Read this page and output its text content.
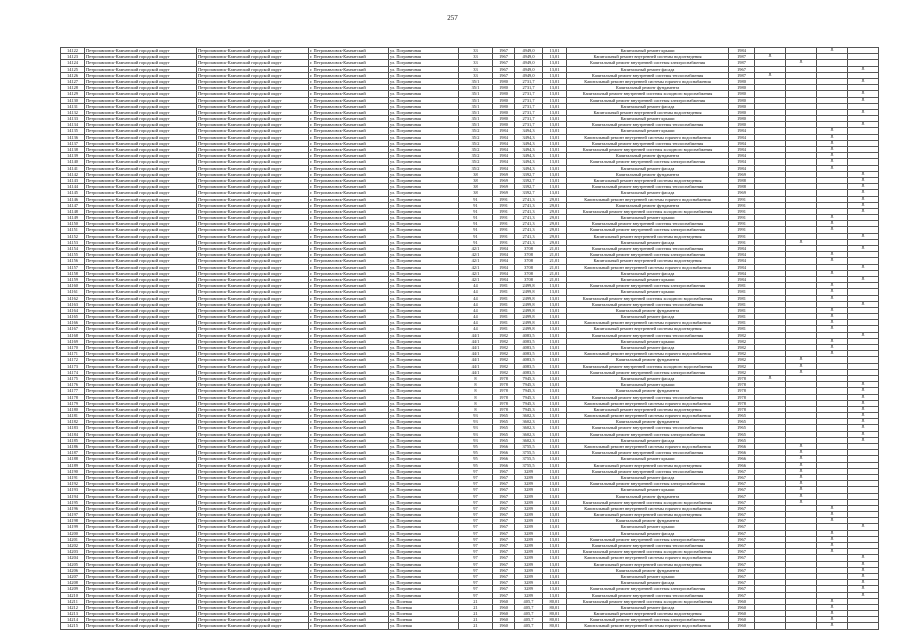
257
14122	Петропавловск-Камчатский городской округ	Петропавловск-Камчатский городской округ	г. Петропавловск-Камчатский	ул. Пограничная	33	1967	4949,0	13,01	Капитальный ремонт крыши	1984			X	
14123	Петропавловск-Камчатский городской округ	Петропавловск-Камчатский городской округ	г. Петропавловск-Камчатский	ул. Пограничная	33	1967	4949,0	13,01	Капитальный ремонт внутренней системы водоотведения	1987	X			
14124	Петропавловск-Камчатский городской округ	Петропавловск-Камчатский городской округ	г. Петропавловск-Камчатский	ул. Пограничная	33	1967	4949,0	13,01	Капитальный ремонт внутренней системы электроснабжения	1987		X		
14125	Петропавловск-Камчатский городской округ	Петропавловск-Камчатский городской округ	г. Петропавловск-Камчатский	ул. Пограничная	33	1967	4949,0	13,01	Капитальный ремонт фасада	1967				X
14126	Петропавловск-Камчатский городской округ	Петропавловск-Камчатский городской округ	г. Петропавловск-Камчатский	ул. Пограничная	33	1967	4949,0	13,01	Капитальный ремонт внутренней системы теплоснабжения	1987	X			
14127	Петропавловск-Камчатский городской округ	Петропавловск-Камчатский городской округ	г. Петропавловск-Камчатский	ул. Пограничная	35/1	1980	2731,7	13,01	Капитальный ремонт внутренней системы горячего водоснабжения	1980				X
14128	Петропавловск-Камчатский городской округ	Петропавловск-Камчатский городской округ	г. Петропавловск-Камчатский	ул. Пограничная	35/1	1980	2731,7	13,01	Капитальный ремонт фундамента	1980				
14129	Петропавловск-Камчатский городской округ	Петропавловск-Камчатский городской округ	г. Петропавловск-Камчатский	ул. Пограничная	35/1	1980	2731,7	13,01	Капитальный ремонт внутренней системы холодного водоснабжения	1980				X
14130	Петропавловск-Камчатский городской округ	Петропавловск-Камчатский городской округ	г. Петропавловск-Камчатский	ул. Пограничная	35/1	1980	2731,7	13,01	Капитальный ремонт внутренней системы электроснабжения	1980				X
14131	Петропавловск-Камчатский городской округ	Петропавловск-Камчатский городской округ	г. Петропавловск-Камчатский	ул. Пограничная	35/1	1980	2731,7	13,01	Капитальный ремонт фасада	1980				
14132	Петропавловск-Камчатский городской округ	Петропавловск-Камчатский городской округ	г. Петропавловск-Камчатский	ул. Пограничная	35/1	1980	2731,7	13,01	Капитальный ремонт внутренней системы водоотведения	1980				X
14133	Петропавловск-Камчатский городской округ	Петропавловск-Камчатский городской округ	г. Петропавловск-Камчатский	ул. Пограничная	35/1	1980	2731,7	13,01	Капитальный ремонт крыши	1980				
14134	Петропавловск-Камчатский городской округ	Петропавловск-Камчатский городской округ	г. Петропавловск-Камчатский	ул. Пограничная	35/1	1980	2731,7	13,01	Капитальный ремонт внутренней системы теплоснабжения	1980				X
14135	Петропавловск-Камчатский городской округ	Петропавловск-Камчатский городской округ	г. Петропавловск-Камчатский	ул. Пограничная	35/2	1984	3494,3	13,01	Капитальный ремонт крыши	1984			X	
14136	Петропавловск-Камчатский городской округ	Петропавловск-Камчатский городской округ	г. Петропавловск-Камчатский	ул. Пограничная	35/2	1984	3494,3	13,01	Капитальный ремонт внутренней системы горячего водоснабжения	1984			X	
14137	Петропавловск-Камчатский городской округ	Петропавловск-Камчатский городской округ	г. Петропавловск-Камчатский	ул. Пограничная	35/2	1984	3494,3	13,01	Капитальный ремонт внутренней системы теплоснабжения	1984			X	
14138	Петропавловск-Камчатский городской округ	Петропавловск-Камчатский городской округ	г. Петропавловск-Камчатский	ул. Пограничная	35/2	1984	3494,3	13,01	Капитальный ремонт внутренней системы холодного водоснабжения	1984			X	
14139	Петропавловск-Камчатский городской округ	Петропавловск-Камчатский городской округ	г. Петропавловск-Камчатский	ул. Пограничная	35/2	1984	3494,3	13,01	Капитальный ремонт фундамента	1984			X	
14140	Петропавловск-Камчатский городской округ	Петропавловск-Камчатский городской округ	г. Петропавловск-Камчатский	ул. Пограничная	35/2	1984	3494,3	13,01	Капитальный ремонт внутренней системы электроснабжения	1984			X	
14141	Петропавловск-Камчатский городской округ	Петропавловск-Камчатский городской округ	г. Петропавловск-Камчатский	ул. Пограничная	35/2	1984	3494,3	13,01	Капитальный ремонт фасада	1984			X	
14142	Петропавловск-Камчатский городской округ	Петропавловск-Камчатский городской округ	г. Петропавловск-Камчатский	ул. Пограничная	38	1969	3392,7	13,01	Капитальный ремонт фундамента	1969				X
14143	Петропавловск-Камчатский городской округ	Петропавловск-Камчатский городской округ	г. Петропавловск-Камчатский	ул. Пограничная	38	1969	3392,7	13,01	Капитальный ремонт внутренней системы водоотведения	1988				X
14144	Петропавловск-Камчатский городской округ	Петропавловск-Камчатский городской округ	г. Петропавловск-Камчатский	ул. Пограничная	38	1969	3392,7	13,01	Капитальный ремонт внутренней системы теплоснабжения	1988				X
14145	Петропавловск-Камчатский городской округ	Петропавловск-Камчатский городской округ	г. Петропавловск-Камчатский	ул. Пограничная	38	1969	3392,7	13,01	Капитальный ремонт фасада	1969				X
14146	Петропавловск-Камчатский городской округ	Петропавловск-Камчатский городской округ	г. Петропавловск-Камчатский	ул. Пограничная	91	1991	2741,3	29,01	Капитальный ремонт внутренней системы горячего водоснабжения	1991				X
14147	Петропавловск-Камчатский городской округ	Петропавловск-Камчатский городской округ	г. Петропавловск-Камчатский	ул. Пограничная	91	1991	2741,3	29,01	Капитальный ремонт фундамента	1991				X
14148	Петропавловск-Камчатский городской округ	Петропавловск-Камчатский городской округ	г. Петропавловск-Камчатский	ул. Пограничная	91	1991	2741,3	29,01	Капитальный ремонт внутренней системы холодного водоснабжения	1991				X
14149	Петропавловск-Камчатский городской округ	Петропавловск-Камчатский городской округ	г. Петропавловск-Камчатский	ул. Пограничная	91	1991	2741,3	29,01	Капитальный ремонт крыши	1991			X	
14150	Петропавловск-Камчатский городской округ	Петропавловск-Камчатский городской округ	г. Петропавловск-Камчатский	ул. Пограничная	91	1991	2741,3	29,01	Капитальный ремонт внутренней системы теплоснабжения	1991			X	
14151	Петропавловск-Камчатский городской округ	Петропавловск-Камчатский городской округ	г. Петропавловск-Камчатский	ул. Пограничная	91	1991	2741,3	29,01	Капитальный ремонт внутренней системы электроснабжения	1991			X	
14152	Петропавловск-Камчатский городской округ	Петропавловск-Камчатский городской округ	г. Петропавловск-Камчатский	ул. Пограничная	91	1991	2741,3	29,01	Капитальный ремонт внутренней системы водоотведения	1991				X
14153	Петропавловск-Камчатский городской округ	Петропавловск-Камчатский городской округ	г. Петропавловск-Камчатский	ул. Пограничная	91	1991	2741,3	29,01	Капитальный ремонт фасада	1991		X		
14154	Петропавловск-Камчатский городской округ	Петропавловск-Камчатский городской округ	г. Петропавловск-Камчатский	ул. Пограничная	42/1	1984	3708	21,01	Капитальный ремонт внутренней системы теплоснабжения	1984				X
14155	Петропавловск-Камчатский городской округ	Петропавловск-Камчатский городской округ	г. Петропавловск-Камчатский	ул. Пограничная	42/1	1984	3708	21,01	Капитальный ремонт внутренней системы электроснабжения	1984			X	
14156	Петропавловск-Камчатский городской округ	Петропавловск-Камчатский городской округ	г. Петропавловск-Камчатский	ул. Пограничная	42/1	1984	3708	21,01	Капитальный ремонт внутренней системы водоотведения	1984			X	
14157	Петропавловск-Камчатский городской округ	Петропавловск-Камчатский городской округ	г. Петропавловск-Камчатский	ул. Пограничная	42/1	1984	3708	21,01	Капитальный ремонт внутренней системы горячего водоснабжения	1984				X
14158	Петропавловск-Камчатский городской округ	Петропавловск-Камчатский городской округ	г. Петропавловск-Камчатский	ул. Пограничная	42/1	1984	3708	21,01	Капитальный ремонт фасада	1984			X	
14159	Петропавловск-Камчатский городской округ	Петропавловск-Камчатский городской округ	г. Петропавловск-Камчатский	ул. Пограничная	42/1	1984	3708	21,01	Капитальный ремонт крыши	1984				X
14160	Петропавловск-Камчатский городской округ	Петропавловск-Камчатский городской округ	г. Петропавловск-Камчатский	ул. Пограничная	44	1981	2499,8	13,01	Капитальный ремонт внутренней системы электроснабжения	1981			X	
14161	Петропавловск-Камчатский городской округ	Петропавловск-Камчатский городской округ	г. Петропавловск-Камчатский	ул. Пограничная	44	1981	2499,8	13,01	Капитальный ремонт крыши	1981			X	
14162	Петропавловск-Камчатский городской округ	Петропавловск-Камчатский городской округ	г. Петропавловск-Камчатский	ул. Пограничная	44	1981	2499,8	13,01	Капитальный ремонт внутренней системы холодного водоснабжения	1981			X	
14163	Петропавловск-Камчатский городской округ	Петропавловск-Камчатский городской округ	г. Петропавловск-Камчатский	ул. Пограничная	44	1981	2499,8	13,01	Капитальный ремонт внутренней системы теплоснабжения	1981				X
14164	Петропавловск-Камчатский городской округ	Петропавловск-Камчатский городской округ	г. Петропавловск-Камчатский	ул. Пограничная	44	1981	2499,8	13,01	Капитальный ремонт фундамента	1981			X	
14165	Петропавловск-Камчатский городской округ	Петропавловск-Камчатский городской округ	г. Петропавловск-Камчатский	ул. Пограничная	44	1981	2499,8	13,01	Капитальный ремонт фасада	1981			X	
14166	Петропавловск-Камчатский городской округ	Петропавловск-Камчатский городской округ	г. Петропавловск-Камчатский	ул. Пограничная	44	1981	2499,8	13,01	Капитальный ремонт внутренней системы горячего водоснабжения	1981			X	
14167	Петропавловск-Камчатский городской округ	Петропавловск-Камчатский городской округ	г. Петропавловск-Камчатский	ул. Пограничная	44	1981	2499,8	13,01	Капитальный ремонт внутренней системы водоотведения	1981			X	
14168	Петропавловск-Камчатский городской округ	Петропавловск-Камчатский городской округ	г. Петропавловск-Камчатский	ул. Пограничная	44/1	1982	4083,5	13,01	Капитальный ремонт внутренней системы теплоснабжения	1982				X
14169	Петропавловск-Камчатский городской округ	Петропавловск-Камчатский городской округ	г. Петропавловск-Камчатский	ул. Пограничная	44/1	1982	4083,5	13,01	Капитальный ремонт крыши	1982			X	
14170	Петропавловск-Камчатский городской округ	Петропавловск-Камчатский городской округ	г. Петропавловск-Камчатский	ул. Пограничная	44/1	1982	4083,5	13,01	Капитальный ремонт фасада	1982			X	
14171	Петропавловск-Камчатский городской округ	Петропавловск-Камчатский городской округ	г. Петропавловск-Камчатский	ул. Пограничная	44/1	1982	4083,5	13,01	Капитальный ремонт внутренней системы горячего водоснабжения	1982			X	
14172	Петропавловск-Камчатский городской округ	Петропавловск-Камчатский городской округ	г. Петропавловск-Камчатский	ул. Пограничная	44/1	1982	4083,5	13,01	Капитальный ремонт фундамента	1982		X		
14173	Петропавловск-Камчатский городской округ	Петропавловск-Камчатский городской округ	г. Петропавловск-Камчатский	ул. Пограничная	44/1	1982	4083,5	13,01	Капитальный ремонт внутренней системы холодного водоснабжения	1982		X		
14174	Петропавловск-Камчатский городской округ	Петропавловск-Камчатский городской округ	г. Петропавловск-Камчатский	ул. Пограничная	44/1	1982	4083,5	13,01	Капитальный ремонт внутренней системы электроснабжения	1982		X		
14175	Петропавловск-Камчатский городской округ	Петропавловск-Камчатский городской округ	г. Петропавловск-Камчатский	ул. Пограничная	8	1978	7945,3	13,01	Капитальный ремонт фасада	1978	X			
14176	Петропавловск-Камчатский городской округ	Петропавловск-Камчатский городской округ	г. Петропавловск-Камчатский	ул. Пограничная	8	1978	7945,3	13,01	Капитальный ремонт крыши	1978				X
14177	Петропавловск-Камчатский городской округ	Петропавловск-Камчатский городской округ	г. Петропавловск-Камчатский	ул. Пограничная	8	1978	7945,3	13,01	Капитальный ремонт фундамента	1978				X
14178	Петропавловск-Камчатский городской округ	Петропавловск-Камчатский городской округ	г. Петропавловск-Камчатский	ул. Пограничная	8	1978	7945,3	13,01	Капитальный ремонт внутренней системы теплоснабжения	1978				X
14179	Петропавловск-Камчатский городской округ	Петропавловск-Камчатский городской округ	г. Петропавловск-Камчатский	ул. Пограничная	8	1978	7945,3	13,01	Капитальный ремонт внутренней системы горячего водоснабжения	1978				X
14180	Петропавловск-Камчатский городской округ	Петропавловск-Камчатский городской округ	г. Петропавловск-Камчатский	ул. Пограничная	8	1978	7945,3	13,01	Капитальный ремонт внутренней системы водоотведения	1978				X
14181	Петропавловск-Камчатский городской округ	Петропавловск-Камчатский городской округ	г. Петропавловск-Камчатский	ул. Пограничная	93	1965	3602,3	13,01	Капитальный ремонт внутренней системы горячего водоснабжения	1965				X
14182	Петропавловск-Камчатский городской округ	Петропавловск-Камчатский городской округ	г. Петропавловск-Камчатский	ул. Пограничная	93	1965	3602,3	13,01	Капитальный ремонт фундамента	1965				X
14183	Петропавловск-Камчатский городской округ	Петропавловск-Камчатский городской округ	г. Петропавловск-Камчатский	ул. Пограничная	93	1965	3602,3	13,01	Капитальный ремонт внутренней системы теплоснабжения	1965				X
14184	Петропавловск-Камчатский городской округ	Петропавловск-Камчатский городской округ	г. Петропавловск-Камчатский	ул. Пограничная	93	1965	3602,3	13,01	Капитальный ремонт внутренней системы электроснабжения	1965				X
14185	Петропавловск-Камчатский городской округ	Петропавловск-Камчатский городской округ	г. Петропавловск-Камчатский	ул. Пограничная	93	1965	3602,3	13,01	Капитальный ремонт фасада	1965				X
14186	Петропавловск-Камчатский городской округ	Петропавловск-Камчатский городской округ	г. Петропавловск-Камчатский	ул. Пограничная	95	1966	3755,5	13,01	Капитальный ремонт внутренней системы горячего водоснабжения	1966		X		
14187	Петропавловск-Камчатский городской округ	Петропавловск-Камчатский городской округ	г. Петропавловск-Камчатский	ул. Пограничная	95	1966	3755,5	13,01	Капитальный ремонт внутренней системы теплоснабжения	1966		X		
14188	Петропавловск-Камчатский городской округ	Петропавловск-Камчатский городской округ	г. Петропавловск-Камчатский	ул. Пограничная	95	1966	3755,5	13,01	Капитальный ремонт крыши	1966		X		
14189	Петропавловск-Камчатский городской округ	Петропавловск-Камчатский городской округ	г. Петропавловск-Камчатский	ул. Пограничная	95	1966	3755,5	13,01	Капитальный ремонт внутренней системы водоотведения	1966		X		
14190	Петропавловск-Камчатский городской округ	Петропавловск-Камчатский городской округ	г. Петропавловск-Камчатский	ул. Пограничная	97	1967	3289	13,01	Капитальный ремонт внутренней системы теплоснабжения	1967		X		
14191	Петропавловск-Камчатский городской округ	Петропавловск-Камчатский городской округ	г. Петропавловск-Камчатский	ул. Пограничная	97	1967	3289	13,01	Капитальный ремонт фасада	1967		X		
14192	Петропавловск-Камчатский городской округ	Петропавловск-Камчатский городской округ	г. Петропавловск-Камчатский	ул. Пограничная	97	1967	3289	13,01	Капитальный ремонт внутренней системы электроснабжения	1967		X		
14193	Петропавловск-Камчатский городской округ	Петропавловск-Камчатский городской округ	г. Петропавловск-Камчатский	ул. Пограничная	97	1967	3289	13,01	Капитальный ремонт крыши	1967		X		
14194	Петропавловск-Камчатский городской округ	Петропавловск-Камчатский городской округ	г. Петропавловск-Камчатский	ул. Пограничная	97	1967	3289	13,01	Капитальный ремонт фундамента	1967		X		
14195	Петропавловск-Камчатский городской округ	Петропавловск-Камчатский городской округ	г. Петропавловск-Камчатский	ул. Пограничная	97	1967	3289	13,01	Капитальный ремонт внутренней системы холодного водоснабжения	1967		X		
14196	Петропавловск-Камчатский городской округ	Петропавловск-Камчатский городской округ	г. Петропавловск-Камчатский	ул. Пограничная	97	1967	3289	13,01	Капитальный ремонт внутренней системы горячего водоснабжения	1967			X	
14197	Петропавловск-Камчатский городской округ	Петропавловск-Камчатский городской округ	г. Петропавловск-Камчатский	ул. Пограничная	97	1967	3289	13,01	Капитальный ремонт внутренней системы водоотведения	1967			X	
14198	Петропавловск-Камчатский городской округ	Петропавловск-Камчатский городской округ	г. Петропавловск-Камчатский	ул. Пограничная	97	1967	3289	13,01	Капитальный ремонт фундамента	1967			X	
14199	Петропавловск-Камчатский городской округ	Петропавловск-Камчатский городской округ	г. Петропавловск-Камчатский	ул. Пограничная	97	1967	3289	13,01	Капитальный ремонт крыши	1967				X
14200	Петропавловск-Камчатский городской округ	Петропавловск-Камчатский городской округ	г. Петропавловск-Камчатский	ул. Пограничная	97	1967	3289	13,01	Капитальный ремонт фасада	1967			X	
14201	Петропавловск-Камчатский городской округ	Петропавловск-Камчатский городской округ	г. Петропавловск-Камчатский	ул. Пограничная	97	1967	3289	13,01	Капитальный ремонт внутренней системы электроснабжения	1967			X	
14202	Петропавловск-Камчатский городской округ	Петропавловск-Камчатский городской округ	г. Петропавловск-Камчатский	ул. Пограничная	97	1967	3289	13,01	Капитальный ремонт внутренней системы теплоснабжения	1967			X	
14203	Петропавловск-Камчатский городской округ	Петропавловск-Камчатский городской округ	г. Петропавловск-Камчатский	ул. Пограничная	97	1967	3289	13,01	Капитальный ремонт внутренней системы холодного водоснабжения	1967			X	
14204	Петропавловск-Камчатский городской округ	Петропавловск-Камчатский городской округ	г. Петропавловск-Камчатский	ул. Пограничная	97	1967	3289	13,01	Капитальный ремонт внутренней системы горячего водоснабжения	1967				X
14205	Петропавловск-Камчатский городской округ	Петропавловск-Камчатский городской округ	г. Петропавловск-Камчатский	ул. Пограничная	97	1967	3289	13,01	Капитальный ремонт внутренней системы водоотведения	1967				X
14206	Петропавловск-Камчатский городской округ	Петропавловск-Камчатский городской округ	г. Петропавловск-Камчатский	ул. Пограничная	97	1967	3289	13,01	Капитальный ремонт фундамента	1967				X
14207	Петропавловск-Камчатский городской округ	Петропавловск-Камчатский городской округ	г. Петропавловск-Камчатский	ул. Пограничная	97	1967	3289	13,01	Капитальный ремонт крыши	1967				X
14208	Петропавловск-Камчатский городской округ	Петропавловск-Камчатский городской округ	г. Петропавловск-Камчатский	ул. Пограничная	97	1967	3289	13,01	Капитальный ремонт фасада	1967				X
14209	Петропавловск-Камчатский городской округ	Петропавловск-Камчатский городской округ	г. Петропавловск-Камчатский	ул. Пограничная	97	1967	3289	13,01	Капитальный ремонт внутренней системы электроснабжения	1967				X
14210	Петропавловск-Камчатский городской округ	Петропавловск-Камчатский городской округ	г. Петропавловск-Камчатский	ул. Пограничная	97	1967	3289	13,01	Капитальный ремонт внутренней системы теплоснабжения	1967				X
14211	Петропавловск-Камчатский городской округ	Петропавловск-Камчатский городской округ	г. Петропавловск-Камчатский	ул. Полевая	21	1960	405,7	80,01	Капитальный ремонт внутренней системы холодного водоснабжения	1960			X	
14212	Петропавловск-Камчатский городской округ	Петропавловск-Камчатский городской округ	г. Петропавловск-Камчатский	ул. Полевая	21	1960	405,7	80,01	Капитальный ремонт фасада	1960			X	
14213	Петропавловск-Камчатский городской округ	Петропавловск-Камчатский городской округ	г. Петропавловск-Камчатский	ул. Полевая	21	1960	405,7	80,01	Капитальный ремонт внутренней системы водоотведения	1960			X	
14214	Петропавловск-Камчатский городской округ	Петропавловск-Камчатский городской округ	г. Петропавловск-Камчатский	ул. Полевая	21	1960	405,7	80,01	Капитальный ремонт внутренней системы электроснабжения	1960			X	
14215	Петропавловск-Камчатский городской округ	Петропавловск-Камчатский городской округ	г. Петропавловск-Камчатский	ул. Полевая	21	1960	405,7	80,01	Капитальный ремонт внутренней системы горячего водоснабжения	1960			X	
